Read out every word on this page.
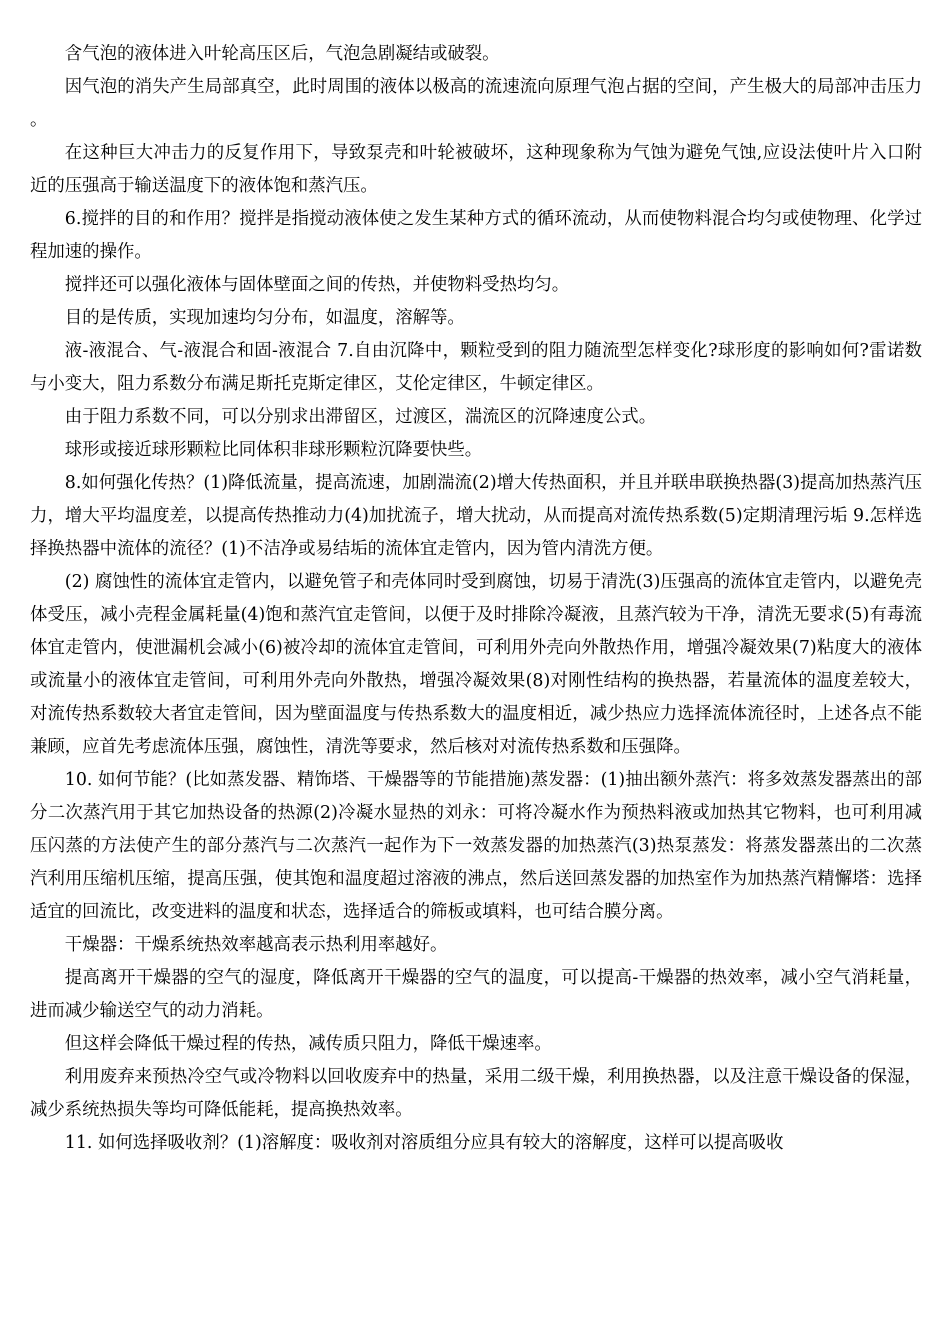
含气泡的液体进入叶轮高压区后，气泡急剧凝结或破裂。

因气泡的消失产生局部真空，此时周围的液体以极高的流速流向原理气泡占据的空间，产生极大的局部冲击压力。

在这种巨大冲击力的反复作用下，导致泵壳和叶轮被破坏，这种现象称为气蚀为避免气蚀,应设法使叶片入口附近的压强高于输送温度下的液体饱和蒸汽压。

6.搅拌的目的和作用？搅拌是指搅动液体使之发生某种方式的循环流动，从而使物料混合均匀或使物理、化学过程加速的操作。

搅拌还可以强化液体与固体壁面之间的传热，并使物料受热均匀。

目的是传质，实现加速均匀分布，如温度，溶解等。

液-液混合、气-液混合和固-液混合 7.自由沉降中，颗粒受到的阻力随流型怎样变化?球形度的影响如何?雷诺数与小变大，阻力系数分布满足斯托克斯定律区，艾伦定律区，牛顿定律区。

由于阻力系数不同，可以分别求出滞留区，过渡区，湍流区的沉降速度公式。

球形或接近球形颗粒比同体积非球形颗粒沉降要快些。

8.如何强化传热？(1)降低流量，提高流速，加剧湍流(2)增大传热面积，并且并联串联换热器(3)提高加热蒸汽压力，增大平均温度差，以提高传热推动力(4)加扰流子，增大扰动，从而提高对流传热系数(5)定期清理污垢 9.怎样选择换热器中流体的流径？(1)不洁净或易结垢的流体宜走管内，因为管内清洗方便。

(2) 腐蚀性的流体宜走管内，以避免管子和壳体同时受到腐蚀，切易于清洗(3)压强高的流体宜走管内，以避免壳体受压，减小壳程金属耗量(4)饱和蒸汽宜走管间，以便于及时排除冷凝液，且蒸汽较为干净，清洗无要求(5)有毒流体宜走管内，使泄漏机会减小(6)被冷却的流体宜走管间，可利用外壳向外散热作用，增强冷凝效果(7)粘度大的液体或流量小的液体宜走管间，可利用外壳向外散热，增强冷凝效果(8)对刚性结构的换热器，若量流体的温度差较大，对流传热系数较大者宜走管间，因为壁面温度与传热系数大的温度相近，减少热应力选择流体流径时，上述各点不能兼顾，应首先考虑流体压强，腐蚀性，清洗等要求，然后核对对流传热系数和压强降。

10. 如何节能？(比如蒸发器、精饰塔、干燥器等的节能措施)蒸发器：(1)抽出额外蒸汽：将多效蒸发器蒸出的部分二次蒸汽用于其它加热设备的热源(2)冷凝水显热的刘永：可将冷凝水作为预热料液或加热其它物料，也可利用减压闪蒸的方法使产生的部分蒸汽与二次蒸汽一起作为下一效蒸发器的加热蒸汽(3)热泵蒸发：将蒸发器蒸出的二次蒸汽利用压缩机压缩，提高压强，使其饱和温度超过溶液的沸点，然后送回蒸发器的加热室作为加热蒸汽精懈塔：选择适宜的回流比，改变进料的温度和状态，选择适合的筛板或填料，也可结合膜分离。

干燥器：干燥系统热效率越高表示热利用率越好。

提高离开干燥器的空气的湿度，降低离开干燥器的空气的温度，可以提高-干燥器的热效率，减小空气消耗量，进而减少输送空气的动力消耗。

但这样会降低干燥过程的传热，减传质只阻力，降低干燥速率。

利用废弃来预热冷空气或冷物料以回收废弃中的热量，采用二级干燥，利用换热器，以及注意干燥设备的保湿，减少系统热损失等均可降低能耗，提高换热效率。

11. 如何选择吸收剂？(1)溶解度：吸收剂对溶质组分应具有较大的溶解度，这样可以提高吸收
